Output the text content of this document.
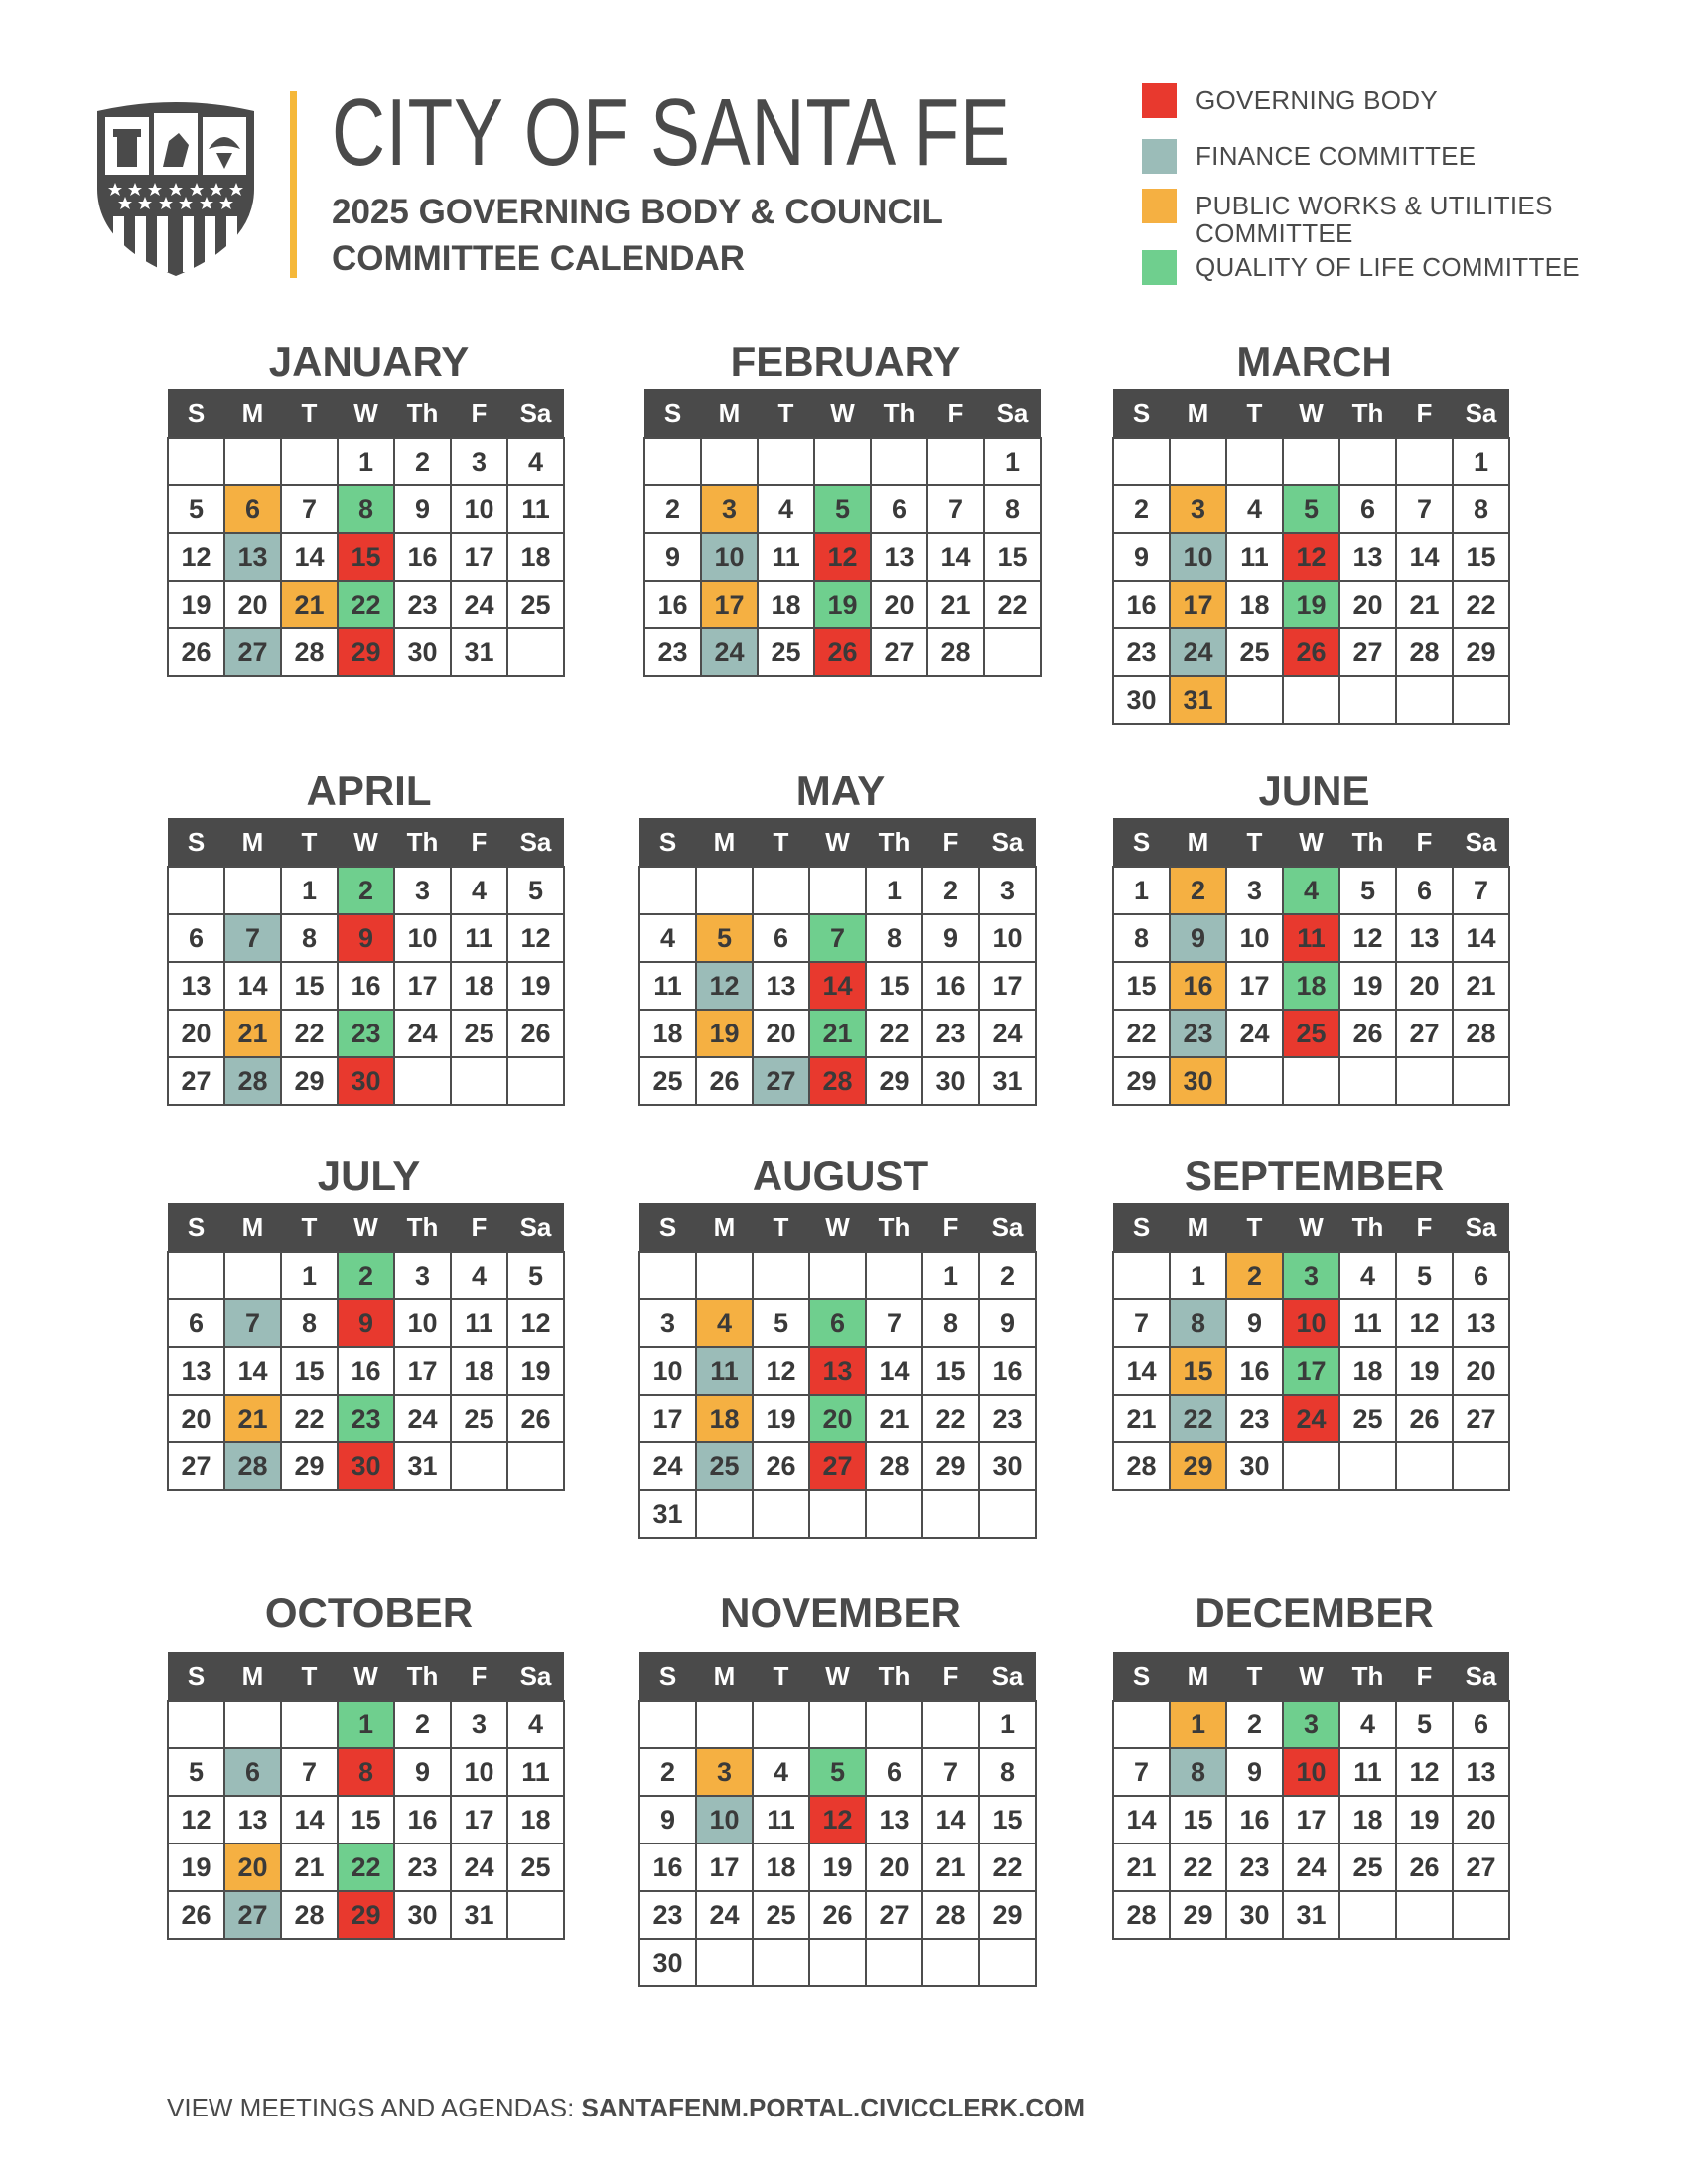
CITY OF SANTA FE
2025 GOVERNING BODY & COUNCIL
COMMITTEE CALENDAR
GOVERNING BODY
FINANCE COMMITTEE
PUBLIC WORKS & UTILITIES COMMITTEE
QUALITY OF LIFE COMMITTEE
JANUARY
S	M	T	W	Th	F	Sa
			1	2	3	4
5	6	7	8	9	10	11
12	13	14	15	16	17	18
19	20	21	22	23	24	25
26	27	28	29	30	31	
FEBRUARY
S	M	T	W	Th	F	Sa
						1
2	3	4	5	6	7	8
9	10	11	12	13	14	15
16	17	18	19	20	21	22
23	24	25	26	27	28	
MARCH
S	M	T	W	Th	F	Sa
						1
2	3	4	5	6	7	8
9	10	11	12	13	14	15
16	17	18	19	20	21	22
23	24	25	26	27	28	29
30	31					
APRIL
S	M	T	W	Th	F	Sa
		1	2	3	4	5
6	7	8	9	10	11	12
13	14	15	16	17	18	19
20	21	22	23	24	25	26
27	28	29	30			
MAY
S	M	T	W	Th	F	Sa
				1	2	3
4	5	6	7	8	9	10
11	12	13	14	15	16	17
18	19	20	21	22	23	24
25	26	27	28	29	30	31
JUNE
S	M	T	W	Th	F	Sa
1	2	3	4	5	6	7
8	9	10	11	12	13	14
15	16	17	18	19	20	21
22	23	24	25	26	27	28
29	30					
JULY
S	M	T	W	Th	F	Sa
		1	2	3	4	5
6	7	8	9	10	11	12
13	14	15	16	17	18	19
20	21	22	23	24	25	26
27	28	29	30	31		
AUGUST
S	M	T	W	Th	F	Sa
					1	2
3	4	5	6	7	8	9
10	11	12	13	14	15	16
17	18	19	20	21	22	23
24	25	26	27	28	29	30
31						
SEPTEMBER
S	M	T	W	Th	F	Sa
	1	2	3	4	5	6
7	8	9	10	11	12	13
14	15	16	17	18	19	20
21	22	23	24	25	26	27
28	29	30				
OCTOBER
S	M	T	W	Th	F	Sa
			1	2	3	4
5	6	7	8	9	10	11
12	13	14	15	16	17	18
19	20	21	22	23	24	25
26	27	28	29	30	31	
NOVEMBER
S	M	T	W	Th	F	Sa
						1
2	3	4	5	6	7	8
9	10	11	12	13	14	15
16	17	18	19	20	21	22
23	24	25	26	27	28	29
30						
DECEMBER
S	M	T	W	Th	F	Sa
	1	2	3	4	5	6
7	8	9	10	11	12	13
14	15	16	17	18	19	20
21	22	23	24	25	26	27
28	29	30	31			
VIEW MEETINGS AND AGENDAS: SANTAFENM.PORTAL.CIVICCLERK.COM
